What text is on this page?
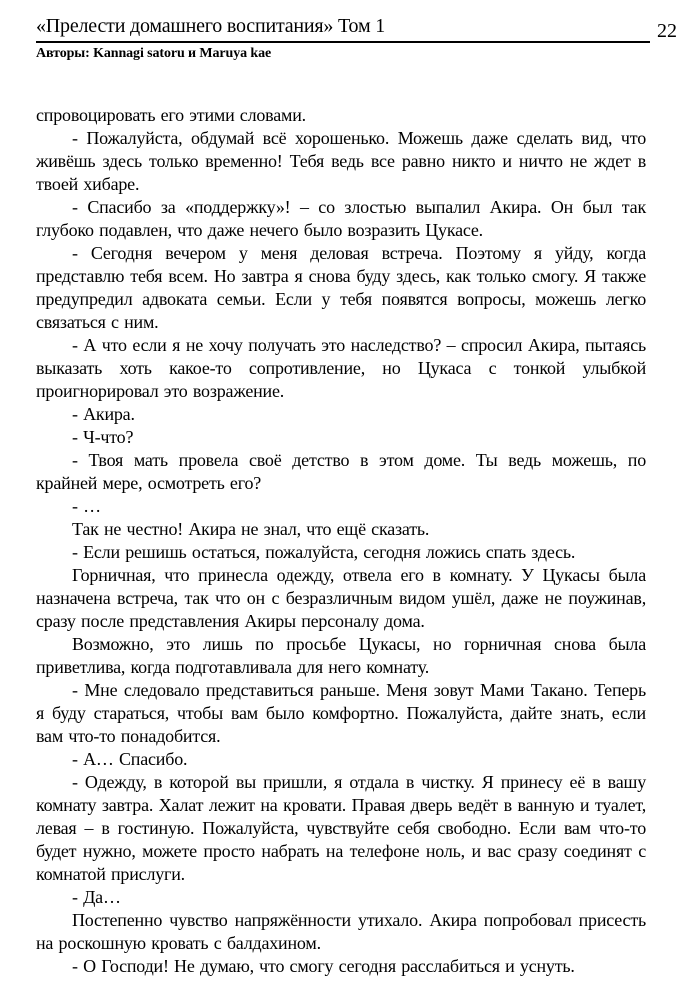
«Прелести домашнего воспитания» Том 1	22
Авторы: Kannagi satoru и Maruya kae

спровоцировать его этими словами.

- Пожалуйста, обдумай всё хорошенько. Можешь даже сделать вид, что живёшь здесь только временно! Тебя ведь все равно никто и ничто не ждет в твоей хибаре.

- Спасибо за «поддержку»! – со злостью выпалил Акира. Он был так глубоко подавлен, что даже нечего было возразить Цукасе.

- Сегодня вечером у меня деловая встреча. Поэтому я уйду, когда представлю тебя всем. Но завтра я снова буду здесь, как только смогу. Я также предупредил адвоката семьи. Если у тебя появятся вопросы, можешь легко связаться с ним.

- А что если я не хочу получать это наследство? – спросил Акира, пытаясь выказать хоть какое-то сопротивление, но Цукаса с тонкой улыбкой проигнорировал это возражение.

- Акира.

- Ч-что?

- Твоя мать провела своё детство в этом доме. Ты ведь можешь, по крайней мере, осмотреть его?

- …

Так не честно! Акира не знал, что ещё сказать.

- Если решишь остаться, пожалуйста, сегодня ложись спать здесь.

Горничная, что принесла одежду, отвела его в комнату. У Цукасы была назначена встреча, так что он с безразличным видом ушёл, даже не поужинав, сразу после представления Акиры персоналу дома.

Возможно, это лишь по просьбе Цукасы, но горничная снова была приветлива, когда подготавливала для него комнату.

- Мне следовало представиться раньше. Меня зовут Мами Такано. Теперь я буду стараться, чтобы вам было комфортно. Пожалуйста, дайте знать, если вам что-то понадобится.

- А… Спасибо.

- Одежду, в которой вы пришли, я отдала в чистку. Я принесу её в вашу комнату завтра. Халат лежит на кровати. Правая дверь ведёт в ванную и туалет, левая – в гостиную. Пожалуйста, чувствуйте себя свободно. Если вам что-то будет нужно, можете просто набрать на телефоне ноль, и вас сразу соединят с комнатой прислуги.

- Да…

Постепенно чувство напряжённости утихало. Акира попробовал присесть на роскошную кровать с балдахином.

- О Господи! Не думаю, что смогу сегодня расслабиться и уснуть.
